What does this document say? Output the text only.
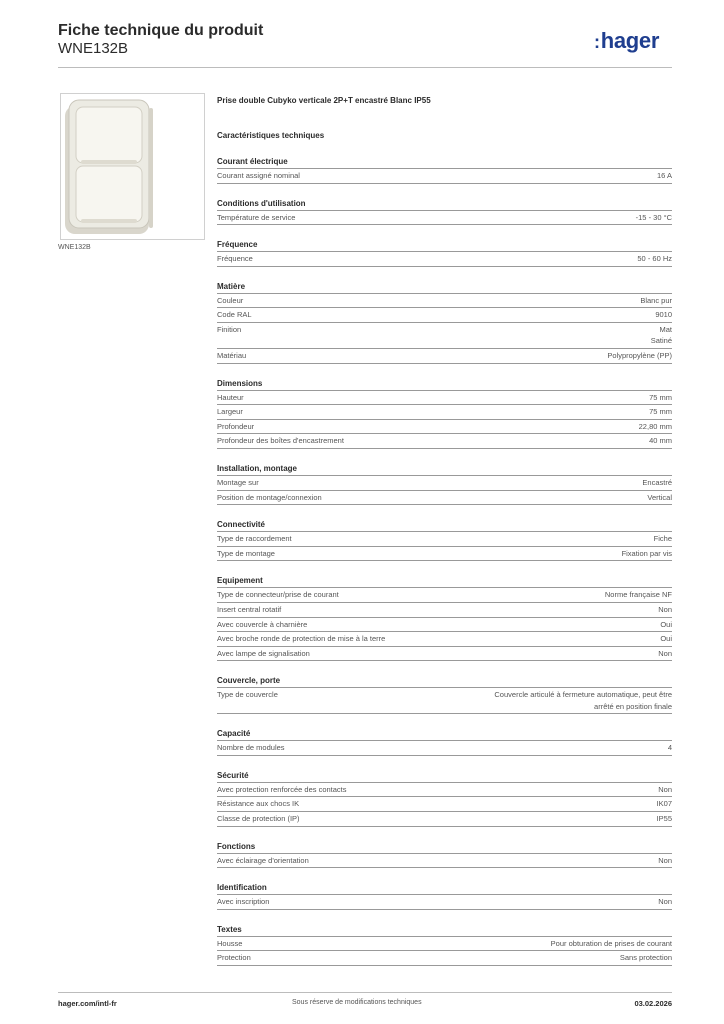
Fiche technique du produit
WNE132B	:hager
WNE132B
Prise double Cubyko verticale 2P+T encastré Blanc IP55
Caractéristiques techniques
Courant électrique
Courant assigné nominal	16 A
Conditions d'utilisation
Température de service	-15 - 30 °C
Fréquence
Fréquence	50 - 60 Hz
Matière
Couleur	Blanc pur
Code RAL	9010
Finition	Mat
Satiné
Matériau	Polypropylène (PP)
Dimensions
Hauteur	75 mm
Largeur	75 mm
Profondeur	22,80 mm
Profondeur des boîtes d'encastrement	40 mm
Installation, montage
Montage sur	Encastré
Position de montage/connexion	Vertical
Connectivité
Type de raccordement	Fiche
Type de montage	Fixation par vis
Equipement
Type de connecteur/prise de courant	Norme française NF
Insert central rotatif	Non
Avec couvercle à charnière	Oui
Avec broche ronde de protection de mise à la terre	Oui
Avec lampe de signalisation	Non
Couvercle, porte
Type de couvercle	Couvercle articulé à fermeture automatique, peut être
arrêté en position finale
Capacité
Nombre de modules	4
Sécurité
Avec protection renforcée des contacts	Non
Résistance aux chocs IK	IK07
Classe de protection (IP)	IP55
Fonctions
Avec éclairage d'orientation	Non
Identification
Avec inscription	Non
Textes
Housse	Pour obturation de prises de courant
Protection	Sans protection
hager.com/intl-fr	Sous réserve de modifications techniques	03.02.2026
